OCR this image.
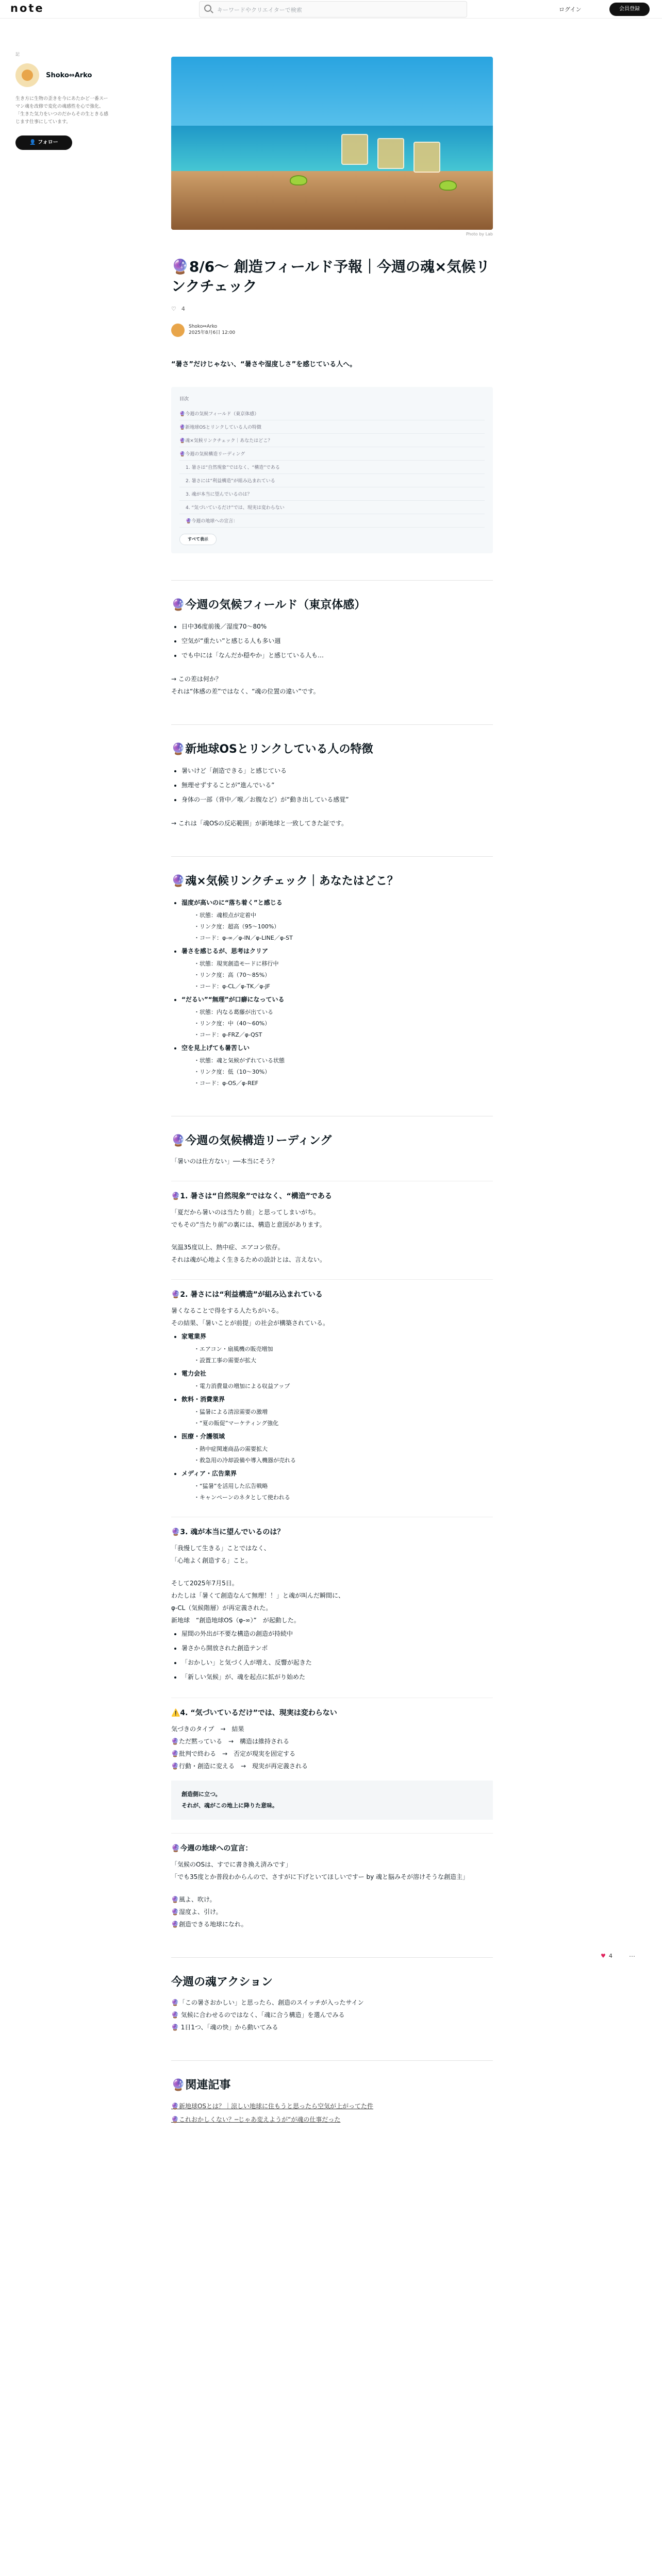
note	キーワードやクリエイターで検索	ログイン	会員登録
記
Shoko⇔Arko
生き方に生物の歪きを今にあたかど一番スーマン魂を改修で変化の魂感性を心で強化、「生きた気力をいつのだからその生ときる感じます仕事にしています。
👤 フォロー
Photo by Lab
🔮8/6〜 創造フィールド予報｜今週の魂×気候リンクチェック
♡ 4
Shoko⇔Arko
2025年8月6日 12:00
“暑さ”だけじゃない、“暑さや湿度しさ”を感じている人へ。
目次
🔮今週の気候フィールド（東京体感）
🔮新地球OSとリンクしている人の特徴
🔮魂×気候リンクチェック｜あなたはどこ？
🔮今週の気候構造リーディング
1. 暑さは“自然現象”ではなく、“構造”である
2. 暑さには“利益構造”が組み込まれている
3. 魂が本当に望んでいるのは？
4. “気づいているだけ”では、現実は変わらない
🔮今週の地球への宣言：
すべて表示
🔮今週の気候フィールド（東京体感）
• 日中36度前後／湿度70〜80%
• 空気が“重たい”と感じる人も多い週
• でも中には「なんだか穏やか」と感じている人も…

→ この差は何か？

それは“体感の差”ではなく、“魂の位置の違い”です。

🔮新地球OSとリンクしている人の特徴
• 暑いけど「創造できる」と感じている
• 無理せずすることが“進んでいる”
• 身体の一部（背中／喉／お腹など）が“動き出している感覚”

→ これは「魂OSの反応範囲」が新地球と一致してきた証です。

🔮魂×気候リンクチェック｜あなたはどこ？
• 湿度が高いのに“落ち着く”と感じる
・ 状態：魂根点が定着中
・ リンク度：超高（95〜100%）
・ コード：φ-∞／φ-IN／φ-LINE／φ-ST
• 暑さを感じるが、思考はクリア
・ 状態：現実創造モードに移行中
・ リンク度：高（70〜85%）
・ コード：φ-CL／φ-TK／φ-JF
• “だるい”“無理”が口癖になっている
・ 状態：内なる葛藤が出ている
・ リンク度：中（40〜60%）
・ コード：φ-FRZ／φ-QST
• 空を見上げても暑苦しい
・ 状態：魂と気候がずれている状態
・ リンク度：低（10〜30%）
・ コード：φ-OS／φ-REF
🔮今週の気候構造リーディング

「暑いのは仕方ない」──本当にそう？

🔮1. 暑さは“自然現象”ではなく、“構造”である

「夏だから暑いのは当たり前」と思ってしまいがち。

でもその“当たり前”の裏には、構造と意図があります。

気温35度以上、熱中症、エアコン依存。

それは魂が心地よく生きるための設計とは、言えない。

🔮2. 暑さには“利益構造”が組み込まれている

暑くなることで得をする人たちがいる。

その結果、「暑いことが前提」の社会が構築されている。

• 家電業界
・ エアコン・扇風機の販売増加
・ 設置工事の需要が拡大
• 電力会社
・ 電力消費量の増加による収益アップ
• 飲料・消費業界
・ 猛暑による清涼需要の激増
・ “夏の販促”マーケティング強化
• 医療・介護領域
・ 熱中症関連商品の需要拡大
・ 救急用の冷却設備や導入機器が売れる
• メディア・広告業界
・ “猛暑”を活用した広告戦略
・ キャンペーンのネタとして使われる
🔮3. 魂が本当に望んでいるのは？

「我慢して生きる」ことではなく、

「心地よく創造する」こと。

そして2025年7月5日。

わたしは「暑くて創造なんて無理！！」と魂が叫んだ瞬間に、

φ-CL（気候階層）が再定義された。

新地球　“創造地球OS（φ-∞）”　が起動した。

• 屋間の外出が不要な構造の創造が持続中
• 暑さから開放された創造テンポ
• 「おかしい」と気づく人が増え、反響が起きた
• 「新しい気候」が、魂を起点に拡がり始めた
⚠️4. “気づいているだけ”では、現実は変わらない

気づきのタイプ　→　結果

🔮ただ黙っている　→　構造は維持される

🔮批判で終わる　→　否定が現実を固定する

🔮行動・創造に変える　→　現実が再定義される

創造側に立つ。
それが、魂がこの地上に降りた意味。
🔮今週の地球への宣言：

「気候のOSは、すでに書き換え済みです」

「でも35度とか普段わからんので、さすがに下げといてほしいですー by 魂と脳みそが溶けそうな創造主」

🔮風よ、吹け。

🔮湿度よ、引け。

🔮創造できる地球になれ。

今週の魂アクション

🔮「この暑さおかしい」と思ったら、創造のスイッチが入ったサイン

🔮 気候に合わせるのではなく、「魂に合う構造」を選んでみる

🔮 1日1つ、「魂の快」から動いてみる

🔮関連記事
🔮新地球OSとは？｜涼しい地球に住もうと思ったら空気が上がってた件
🔮これおかしくない？─じゃあ変えようが“が魂の仕事だった
♥ 4	⋯
